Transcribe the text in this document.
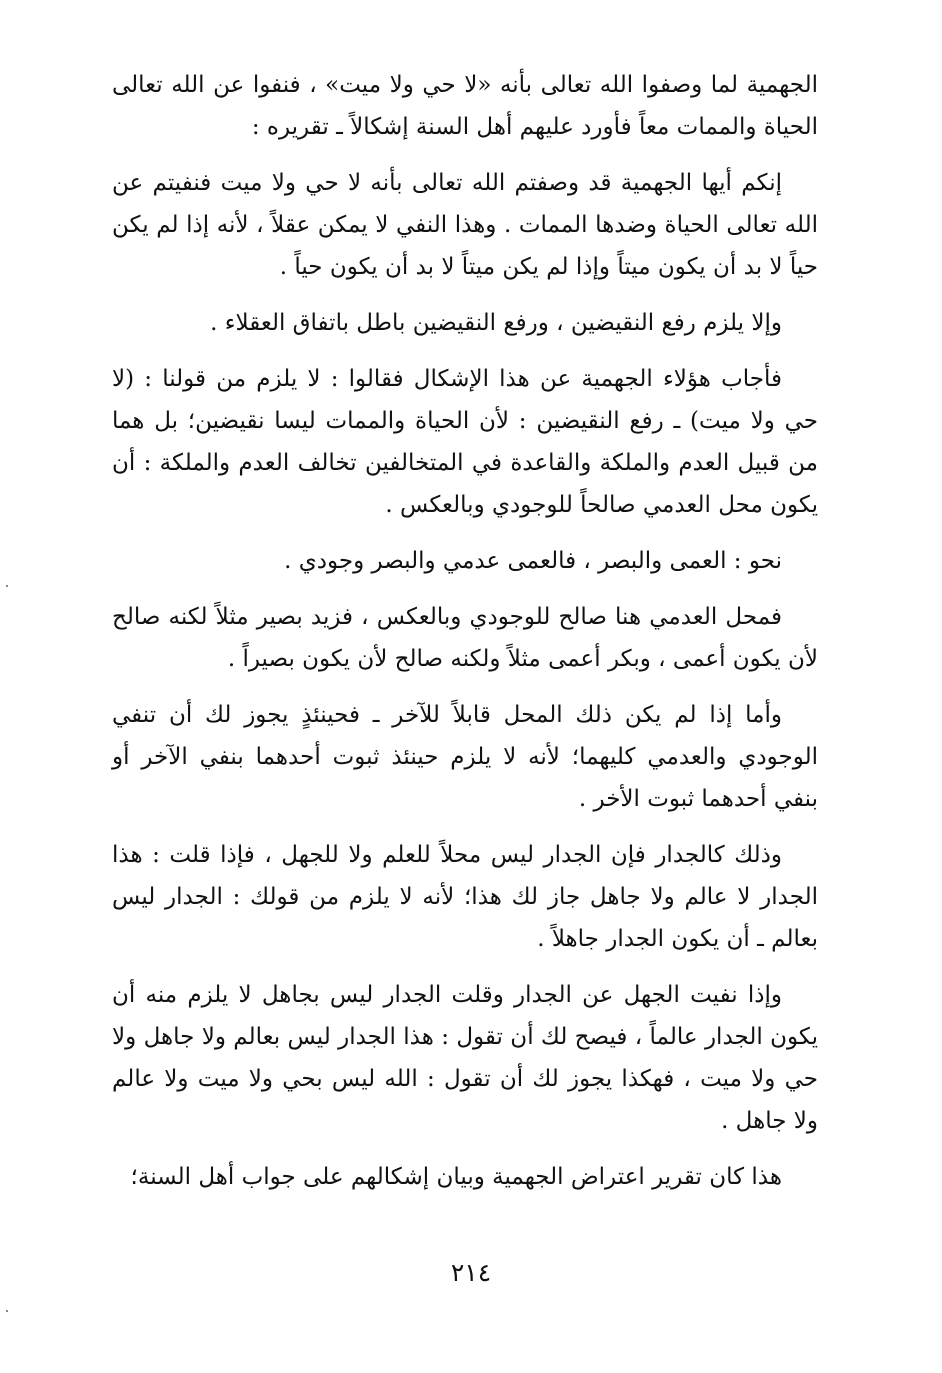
الجهمية لما وصفوا الله تعالى بأنه «لا حي ولا ميت» ، فنفوا عن الله تعالى الحياة والممات معاً فأورد عليهم أهل السنة إشكالاً ـ تقريره :

إنكم أيها الجهمية قد وصفتم الله تعالى بأنه لا حي ولا ميت فنفيتم عن الله تعالى الحياة وضدها الممات . وهذا النفي لا يمكن عقلاً ، لأنه إذا لم يكن حياً لا بد أن يكون ميتاً وإذا لم يكن ميتاً لا بد أن يكون حياً .

وإلا يلزم رفع النقيضين ، ورفع النقيضين باطل باتفاق العقلاء .

فأجاب هؤلاء الجهمية عن هذا الإشكال فقالوا : لا يلزم من قولنا : (لا حي ولا ميت) ـ رفع النقيضين : لأن الحياة والممات ليسا نقيضين؛ بل هما من قبيل العدم والملكة والقاعدة في المتخالفين تخالف العدم والملكة : أن يكون محل العدمي صالحاً للوجودي وبالعكس .

نحو : العمى والبصر ، فالعمى عدمي والبصر وجودي .

فمحل العدمي هنا صالح للوجودي وبالعكس ، فزيد بصير مثلاً لكنه صالح لأن يكون أعمى ، وبكر أعمى مثلاً ولكنه صالح لأن يكون بصيراً .

وأما إذا لم يكن ذلك المحل قابلاً للآخر ـ فحينئذٍ يجوز لك أن تنفي الوجودي والعدمي كليهما؛ لأنه لا يلزم حينئذ ثبوت أحدهما بنفي الآخر أو بنفي أحدهما ثبوت الأخر .

وذلك كالجدار فإن الجدار ليس محلاً للعلم ولا للجهل ، فإذا قلت : هذا الجدار لا عالم ولا جاهل جاز لك هذا؛ لأنه لا يلزم من قولك : الجدار ليس بعالم ـ أن يكون الجدار جاهلاً .

وإذا نفيت الجهل عن الجدار وقلت الجدار ليس بجاهل لا يلزم منه أن يكون الجدار عالماً ، فيصح لك أن تقول : هذا الجدار ليس بعالم ولا جاهل ولا حي ولا ميت ، فهكذا يجوز لك أن تقول : الله ليس بحي ولا ميت ولا عالم ولا جاهل .

هذا كان تقرير اعتراض الجهمية وبيان إشكالهم على جواب أهل السنة؛

٢١٤
